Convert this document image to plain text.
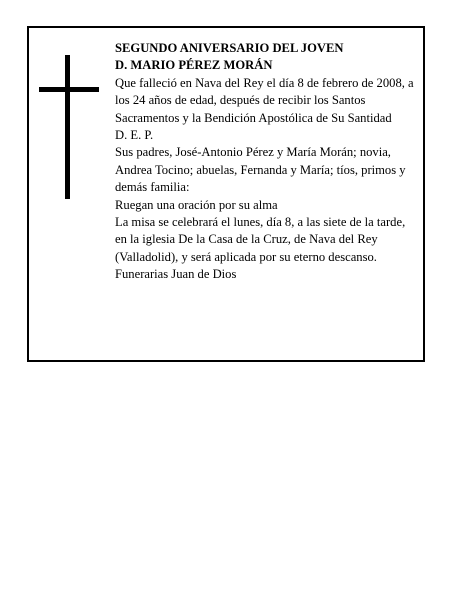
SEGUNDO ANIVERSARIO DEL JOVEN

D. MARIO PÉREZ MORÁN

Que falleció en Nava del Rey el día 8 de febrero de 2008, a los 24 años de edad, después de recibir los Santos Sacramentos y la Bendición Apostólica de Su Santidad

D. E. P.

Sus padres, José-Antonio Pérez y María Morán; novia, Andrea Tocino; abuelas, Fernanda y María; tíos, primos y demás familia:

Ruegan una oración por su alma

La misa se celebrará el lunes, día 8, a las siete de la tarde, en la iglesia De la Casa de la Cruz, de Nava del Rey (Valladolid), y será aplicada por su eterno descanso.

Funerarias Juan de Dios
